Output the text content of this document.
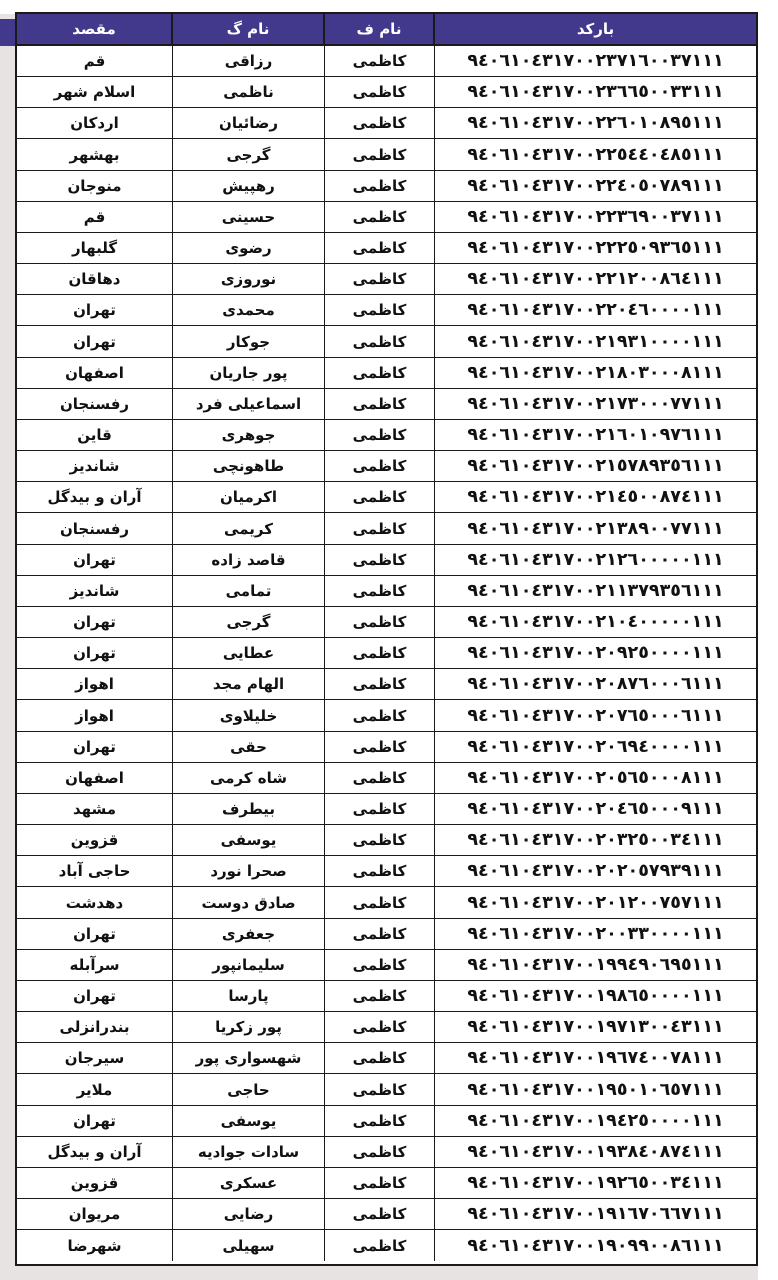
باركد
نام ف
نام گ
مقصد
٩٤٠٦١٠٤٣١٧٠٠٢٣٧١٦٠٠٣٧١١١
كاظمی
رزاقی
قم
٩٤٠٦١٠٤٣١٧٠٠٢٣٦٦٥٠٠٣٣١١١
كاظمی
ناظمی
اسلام شهر
٩٤٠٦١٠٤٣١٧٠٠٢٢٦٠١٠٨٩٥١١١
كاظمی
رضائیان
اردكان
٩٤٠٦١٠٤٣١٧٠٠٢٢٥٤٤٠٤٨٥١١١
كاظمی
گرجی
بهشهر
٩٤٠٦١٠٤٣١٧٠٠٢٢٤٠٥٠٧٨٩١١١
كاظمی
رهپیش
منوجان
٩٤٠٦١٠٤٣١٧٠٠٢٢٣٦٩٠٠٣٧١١١
كاظمی
حسینی
قم
٩٤٠٦١٠٤٣١٧٠٠٢٢٢٥٠٩٣٦٥١١١
كاظمی
رضوی
گلبهار
٩٤٠٦١٠٤٣١٧٠٠٢٢١٢٠٠٨٦٤١١١
كاظمی
نوروزی
دهاقان
٩٤٠٦١٠٤٣١٧٠٠٢٢٠٤٦٠٠٠٠١١١
كاظمی
محمدی
تهران
٩٤٠٦١٠٤٣١٧٠٠٢١٩٣١٠٠٠٠١١١
كاظمی
جوكار
تهران
٩٤٠٦١٠٤٣١٧٠٠٢١٨٠٣٠٠٠٨١١١
كاظمی
پور جاریان
اصفهان
٩٤٠٦١٠٤٣١٧٠٠٢١٧٣٠٠٠٧٧١١١
كاظمی
اسماعیلی فرد
رفسنجان
٩٤٠٦١٠٤٣١٧٠٠٢١٦٠١٠٩٧٦١١١
كاظمی
جوهری
قاین
٩٤٠٦١٠٤٣١٧٠٠٢١٥٧٨٩٣٥٦١١١
كاظمی
طاهونچی
شاندیز
٩٤٠٦١٠٤٣١٧٠٠٢١٤٥٠٠٨٧٤١١١
كاظمی
اكرمیان
آران و بیدگل
٩٤٠٦١٠٤٣١٧٠٠٢١٣٨٩٠٠٧٧١١١
كاظمی
كریمی
رفسنجان
٩٤٠٦١٠٤٣١٧٠٠٢١٢٦٠٠٠٠٠١١١
كاظمی
قاصد زاده
تهران
٩٤٠٦١٠٤٣١٧٠٠٢١١٣٧٩٣٥٦١١١
كاظمی
تمامی
شاندیز
٩٤٠٦١٠٤٣١٧٠٠٢١٠٤٠٠٠٠٠١١١
كاظمی
گرجی
تهران
٩٤٠٦١٠٤٣١٧٠٠٢٠٩٢٥٠٠٠٠١١١
كاظمی
عطایی
تهران
٩٤٠٦١٠٤٣١٧٠٠٢٠٨٧٦٠٠٠٦١١١
كاظمی
الهام مجد
اهواز
٩٤٠٦١٠٤٣١٧٠٠٢٠٧٦٥٠٠٠٦١١١
كاظمی
خلیلاوی
اهواز
٩٤٠٦١٠٤٣١٧٠٠٢٠٦٩٤٠٠٠٠١١١
كاظمی
حقی
تهران
٩٤٠٦١٠٤٣١٧٠٠٢٠٥٦٥٠٠٠٨١١١
كاظمی
شاه كرمی
اصفهان
٩٤٠٦١٠٤٣١٧٠٠٢٠٤٦٥٠٠٠٩١١١
كاظمی
بیطرف
مشهد
٩٤٠٦١٠٤٣١٧٠٠٢٠٣٢٥٠٠٣٤١١١
كاظمی
یوسفی
قزوین
٩٤٠٦١٠٤٣١٧٠٠٢٠٢٠٥٧٩٣٩١١١
كاظمی
صحرا نورد
حاجی آباد
٩٤٠٦١٠٤٣١٧٠٠٢٠١٢٠٠٧٥٧١١١
كاظمی
صادق دوست
دهدشت
٩٤٠٦١٠٤٣١٧٠٠٢٠٠٣٣٠٠٠٠١١١
كاظمی
جعفری
تهران
٩٤٠٦١٠٤٣١٧٠٠١٩٩٤٩٠٦٩٥١١١
كاظمی
سلیمانپور
سرآبله
٩٤٠٦١٠٤٣١٧٠٠١٩٨٦٥٠٠٠٠١١١
كاظمی
پارسا
تهران
٩٤٠٦١٠٤٣١٧٠٠١٩٧١٣٠٠٤٣١١١
كاظمی
پور زكریا
بندرانزلی
٩٤٠٦١٠٤٣١٧٠٠١٩٦٧٤٠٠٧٨١١١
كاظمی
شهسواری پور
سیرجان
٩٤٠٦١٠٤٣١٧٠٠١٩٥٠١٠٦٥٧١١١
كاظمی
حاجی
ملایر
٩٤٠٦١٠٤٣١٧٠٠١٩٤٢٥٠٠٠٠١١١
كاظمی
یوسفی
تهران
٩٤٠٦١٠٤٣١٧٠٠١٩٣٨٤٠٨٧٤١١١
كاظمی
سادات جوادیه
آران و بیدگل
٩٤٠٦١٠٤٣١٧٠٠١٩٢٦٥٠٠٣٤١١١
كاظمی
عسكری
قزوین
٩٤٠٦١٠٤٣١٧٠٠١٩١٦٧٠٦٦٧١١١
كاظمی
رضایی
مریوان
٩٤٠٦١٠٤٣١٧٠٠١٩٠٩٩٠٠٨٦١١١
كاظمی
سهیلی
شهرضا
